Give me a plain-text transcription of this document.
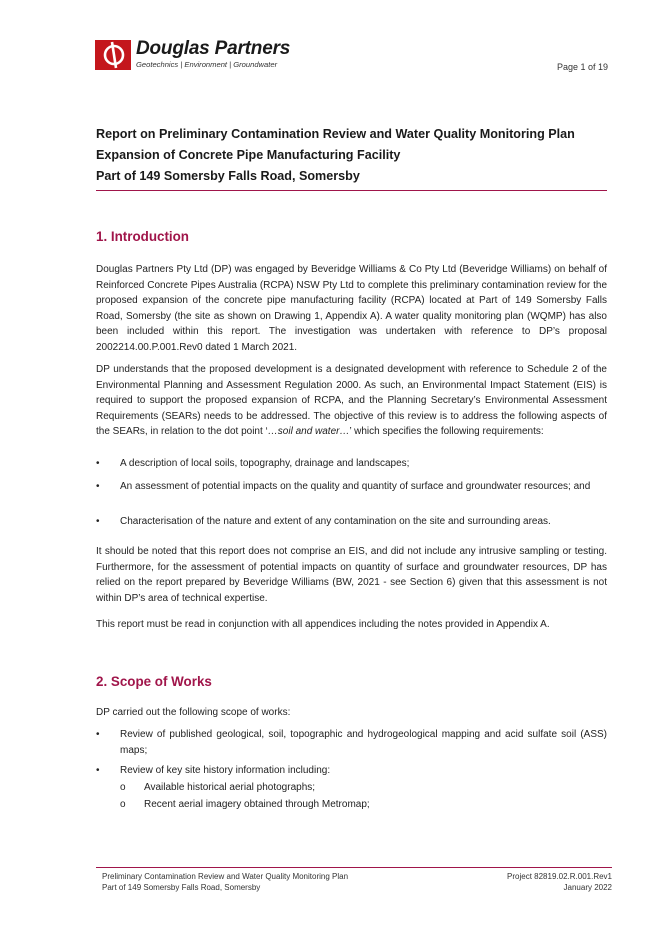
Douglas Partners
Geotechnics | Environment | Groundwater	Page 1 of 19
Report on Preliminary Contamination Review and Water Quality Monitoring Plan
Expansion of Concrete Pipe Manufacturing Facility
Part of 149 Somersby Falls Road, Somersby
1. Introduction

Douglas Partners Pty Ltd (DP) was engaged by Beveridge Williams & Co Pty Ltd (Beveridge Williams) on behalf of Reinforced Concrete Pipes Australia (RCPA) NSW Pty Ltd to complete this preliminary contamination review for the proposed expansion of the concrete pipe manufacturing facility (RCPA) located at Part of 149 Somersby Falls Road, Somersby (the site as shown on Drawing 1, Appendix A). A water quality monitoring plan (WQMP) has also been included within this report. The investigation was undertaken with reference to DP’s proposal 2002214.00.P.001.Rev0 dated 1 March 2021.

DP understands that the proposed development is a designated development with reference to Schedule 2 of the Environmental Planning and Assessment Regulation 2000. As such, an Environmental Impact Statement (EIS) is required to support the proposed expansion of RCPA, and the Planning Secretary’s Environmental Assessment Requirements (SEARs) needs to be addressed. The objective of this review is to address the following aspects of the SEARs, in relation to the dot point ‘…soil and water…’ which specifies the following requirements:

• A description of local soils, topography, drainage and landscapes;
• An assessment of potential impacts on the quality and quantity of surface and groundwater resources; and
• Characterisation of the nature and extent of any contamination on the site and surrounding areas.

It should be noted that this report does not comprise an EIS, and did not include any intrusive sampling or testing. Furthermore, for the assessment of potential impacts on quantity of surface and groundwater resources, DP has relied on the report prepared by Beveridge Williams (BW, 2021 - see Section 6) given that this assessment is not within DP’s area of technical expertise.

This report must be read in conjunction with all appendices including the notes provided in Appendix A.

2. Scope of Works

DP carried out the following scope of works:

• Review of published geological, soil, topographic and hydrogeological mapping and acid sulfate soil (ASS) maps;
• Review of key site history information including:
o Available historical aerial photographs;
o Recent aerial imagery obtained through Metromap;
Preliminary Contamination Review and Water Quality Monitoring Plan
Part of 149 Somersby Falls Road, Somersby
Project 82819.02.R.001.Rev1
January 2022
